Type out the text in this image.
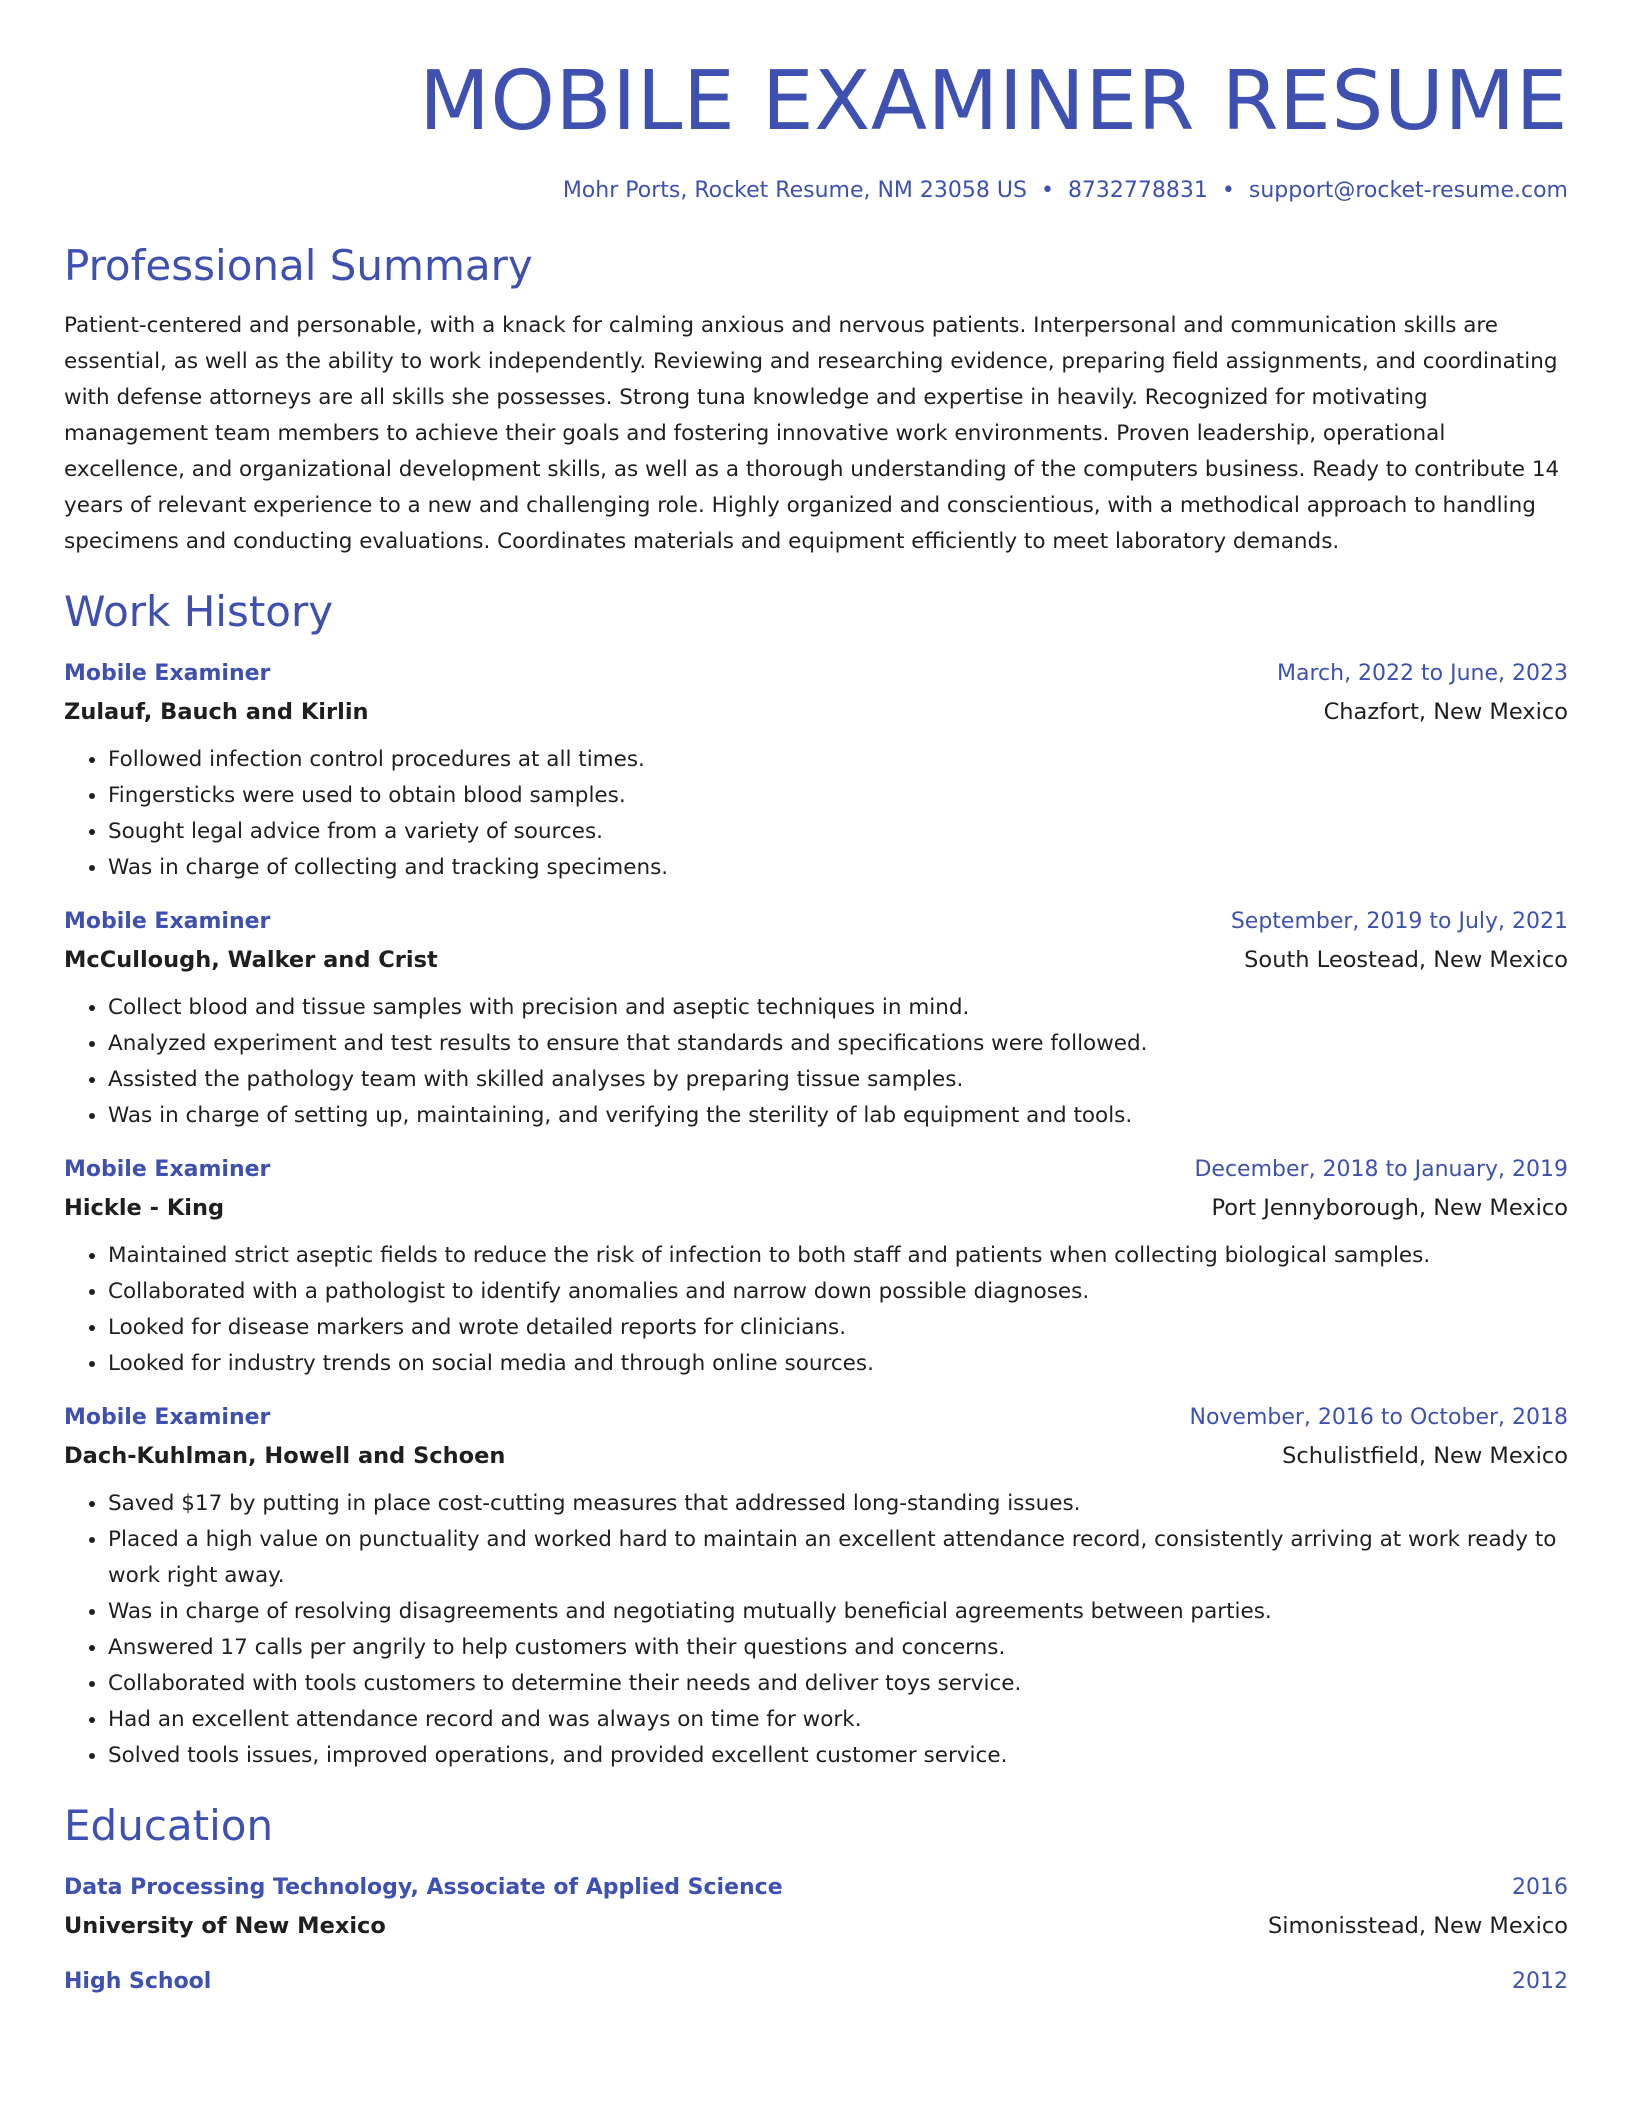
MOBILE EXAMINER RESUME
Mohr Ports, Rocket Resume, NM 23058 US • 8732778831 • support@rocket-resume.com
Professional Summary
Patient-centered and personable, with a knack for calming anxious and nervous patients. Interpersonal and communication skills are essential, as well as the ability to work independently. Reviewing and researching evidence, preparing field assignments, and coordinating with defense attorneys are all skills she possesses. Strong tuna knowledge and expertise in heavily. Recognized for motivating management team members to achieve their goals and fostering innovative work environments. Proven leadership, operational excellence, and organizational development skills, as well as a thorough understanding of the computers business. Ready to contribute 14 years of relevant experience to a new and challenging role. Highly organized and conscientious, with a methodical approach to handling specimens and conducting evaluations. Coordinates materials and equipment efficiently to meet laboratory demands.
Work History
Mobile Examiner	March, 2022 to June, 2023
Zulauf, Bauch and Kirlin	Chazfort, New Mexico
• Followed infection control procedures at all times.
• Fingersticks were used to obtain blood samples.
• Sought legal advice from a variety of sources.
• Was in charge of collecting and tracking specimens.
Mobile Examiner	September, 2019 to July, 2021
McCullough, Walker and Crist	South Leostead, New Mexico
• Collect blood and tissue samples with precision and aseptic techniques in mind.
• Analyzed experiment and test results to ensure that standards and specifications were followed.
• Assisted the pathology team with skilled analyses by preparing tissue samples.
• Was in charge of setting up, maintaining, and verifying the sterility of lab equipment and tools.
Mobile Examiner	December, 2018 to January, 2019
Hickle - King	Port Jennyborough, New Mexico
• Maintained strict aseptic fields to reduce the risk of infection to both staff and patients when collecting biological samples.
• Collaborated with a pathologist to identify anomalies and narrow down possible diagnoses.
• Looked for disease markers and wrote detailed reports for clinicians.
• Looked for industry trends on social media and through online sources.
Mobile Examiner	November, 2016 to October, 2018
Dach-Kuhlman, Howell and Schoen	Schulistfield, New Mexico
• Saved $17 by putting in place cost-cutting measures that addressed long-standing issues.
• Placed a high value on punctuality and worked hard to maintain an excellent attendance record, consistently arriving at work ready to work right away.
• Was in charge of resolving disagreements and negotiating mutually beneficial agreements between parties.
• Answered 17 calls per angrily to help customers with their questions and concerns.
• Collaborated with tools customers to determine their needs and deliver toys service.
• Had an excellent attendance record and was always on time for work.
• Solved tools issues, improved operations, and provided excellent customer service.
Education
Data Processing Technology, Associate of Applied Science	2016
University of New Mexico	Simonisstead, New Mexico
High School	2012
